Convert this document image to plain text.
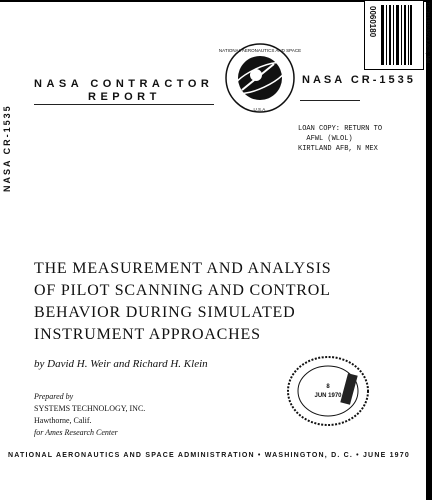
0060180	TECH LIBRARY KAFB, NM
NASA CONTRACTOR
REPORT
NASA CR-1535
NATIONAL AERONAUTICS AND SPACE
U.S.A.
NASA CR-1535	LOAN COPY: RETURN TO
AFWL (WLOL)
KIRTLAND AFB, N MEX
THE MEASUREMENT AND ANALYSIS
OF PILOT SCANNING AND CONTROL
BEHAVIOR DURING SIMULATED
INSTRUMENT APPROACHES
by David H. Weir and Richard H. Klein
Prepared by
SYSTEMS TECHNOLOGY, INC.
Hawthorne, Calif.
for Ames Research Center
8
JUN 1970
NATIONAL AERONAUTICS AND SPACE ADMINISTRATION • WASHINGTON, D. C. • JUNE 1970
